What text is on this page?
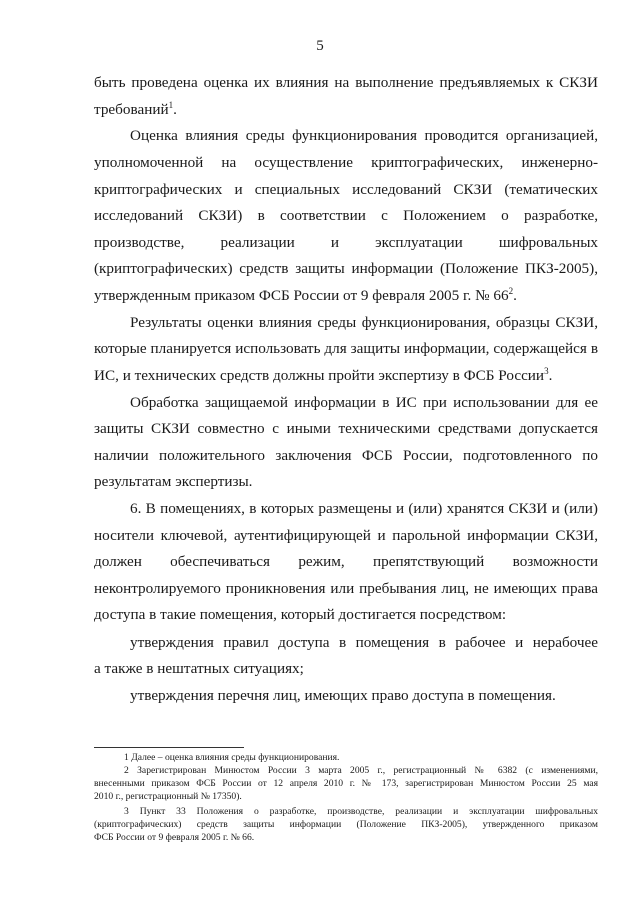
5
быть проведена оценка их влияния на выполнение предъявляемых к СКЗИ
требований$^1$.
Оценка влияния среды функционирования проводится организацией,
уполномоченной на осуществление криптографических, инженерно-
криптографических и специальных исследований СКЗИ (тематических
исследований СКЗИ) в соответствии с Положением о разработке,
производстве, реализации и эксплуатации шифровальных
(криптографических) средств защиты информации (Положение ПКЗ-2005),
утвержденным приказом ФСБ России от 9 февраля 2005 г. № $66^2$.
Результаты оценки влияния среды функционирования, образцы СКЗИ,
которые планируется использовать для защиты информации, содержащейся в
ИС, и технических средств должны пройти экспертизу в ФСБ России$^3$.
Обработка защищаемой информации в ИС при использовании для ее
защиты СКЗИ совместно с иными техническими средствами допускается
наличии положительного заключения ФСБ России, подготовленного по
результатам экспертизы.
6. В помещениях, в которых размещены и (или) хранятся СКЗИ и (или)
носители ключевой, аутентифицирующей и парольной информации СКЗИ,
должен обеспечиваться режим, препятствующий возможности
неконтролируемого проникновения или пребывания лиц, не имеющих права
доступа в такие помещения, который достигается посредством:
утверждения правил доступа в помещения в рабочее и нерабочее
а также в нештатных ситуациях;
утверждения перечня лиц, имеющих право доступа в помещения.
1 Далее – оценка влияния среды функционирования.
2 Зарегистрирован Минюстом России 3 марта 2005 г., регистрационный № 6382 (с изменениями,
внесенными приказом ФСБ России от 12 апреля 2010 г. № 173, зарегистрирован Минюстом России 25 мая
2010 г., регистрационный № 17350).
3 Пункт 33 Положения о разработке, производстве, реализации и эксплуатации шифровальных
(криптографических) средств защиты информации (Положение ПКЗ-2005), утвержденного приказом
ФСБ России от 9 февраля 2005 г. № 66.
